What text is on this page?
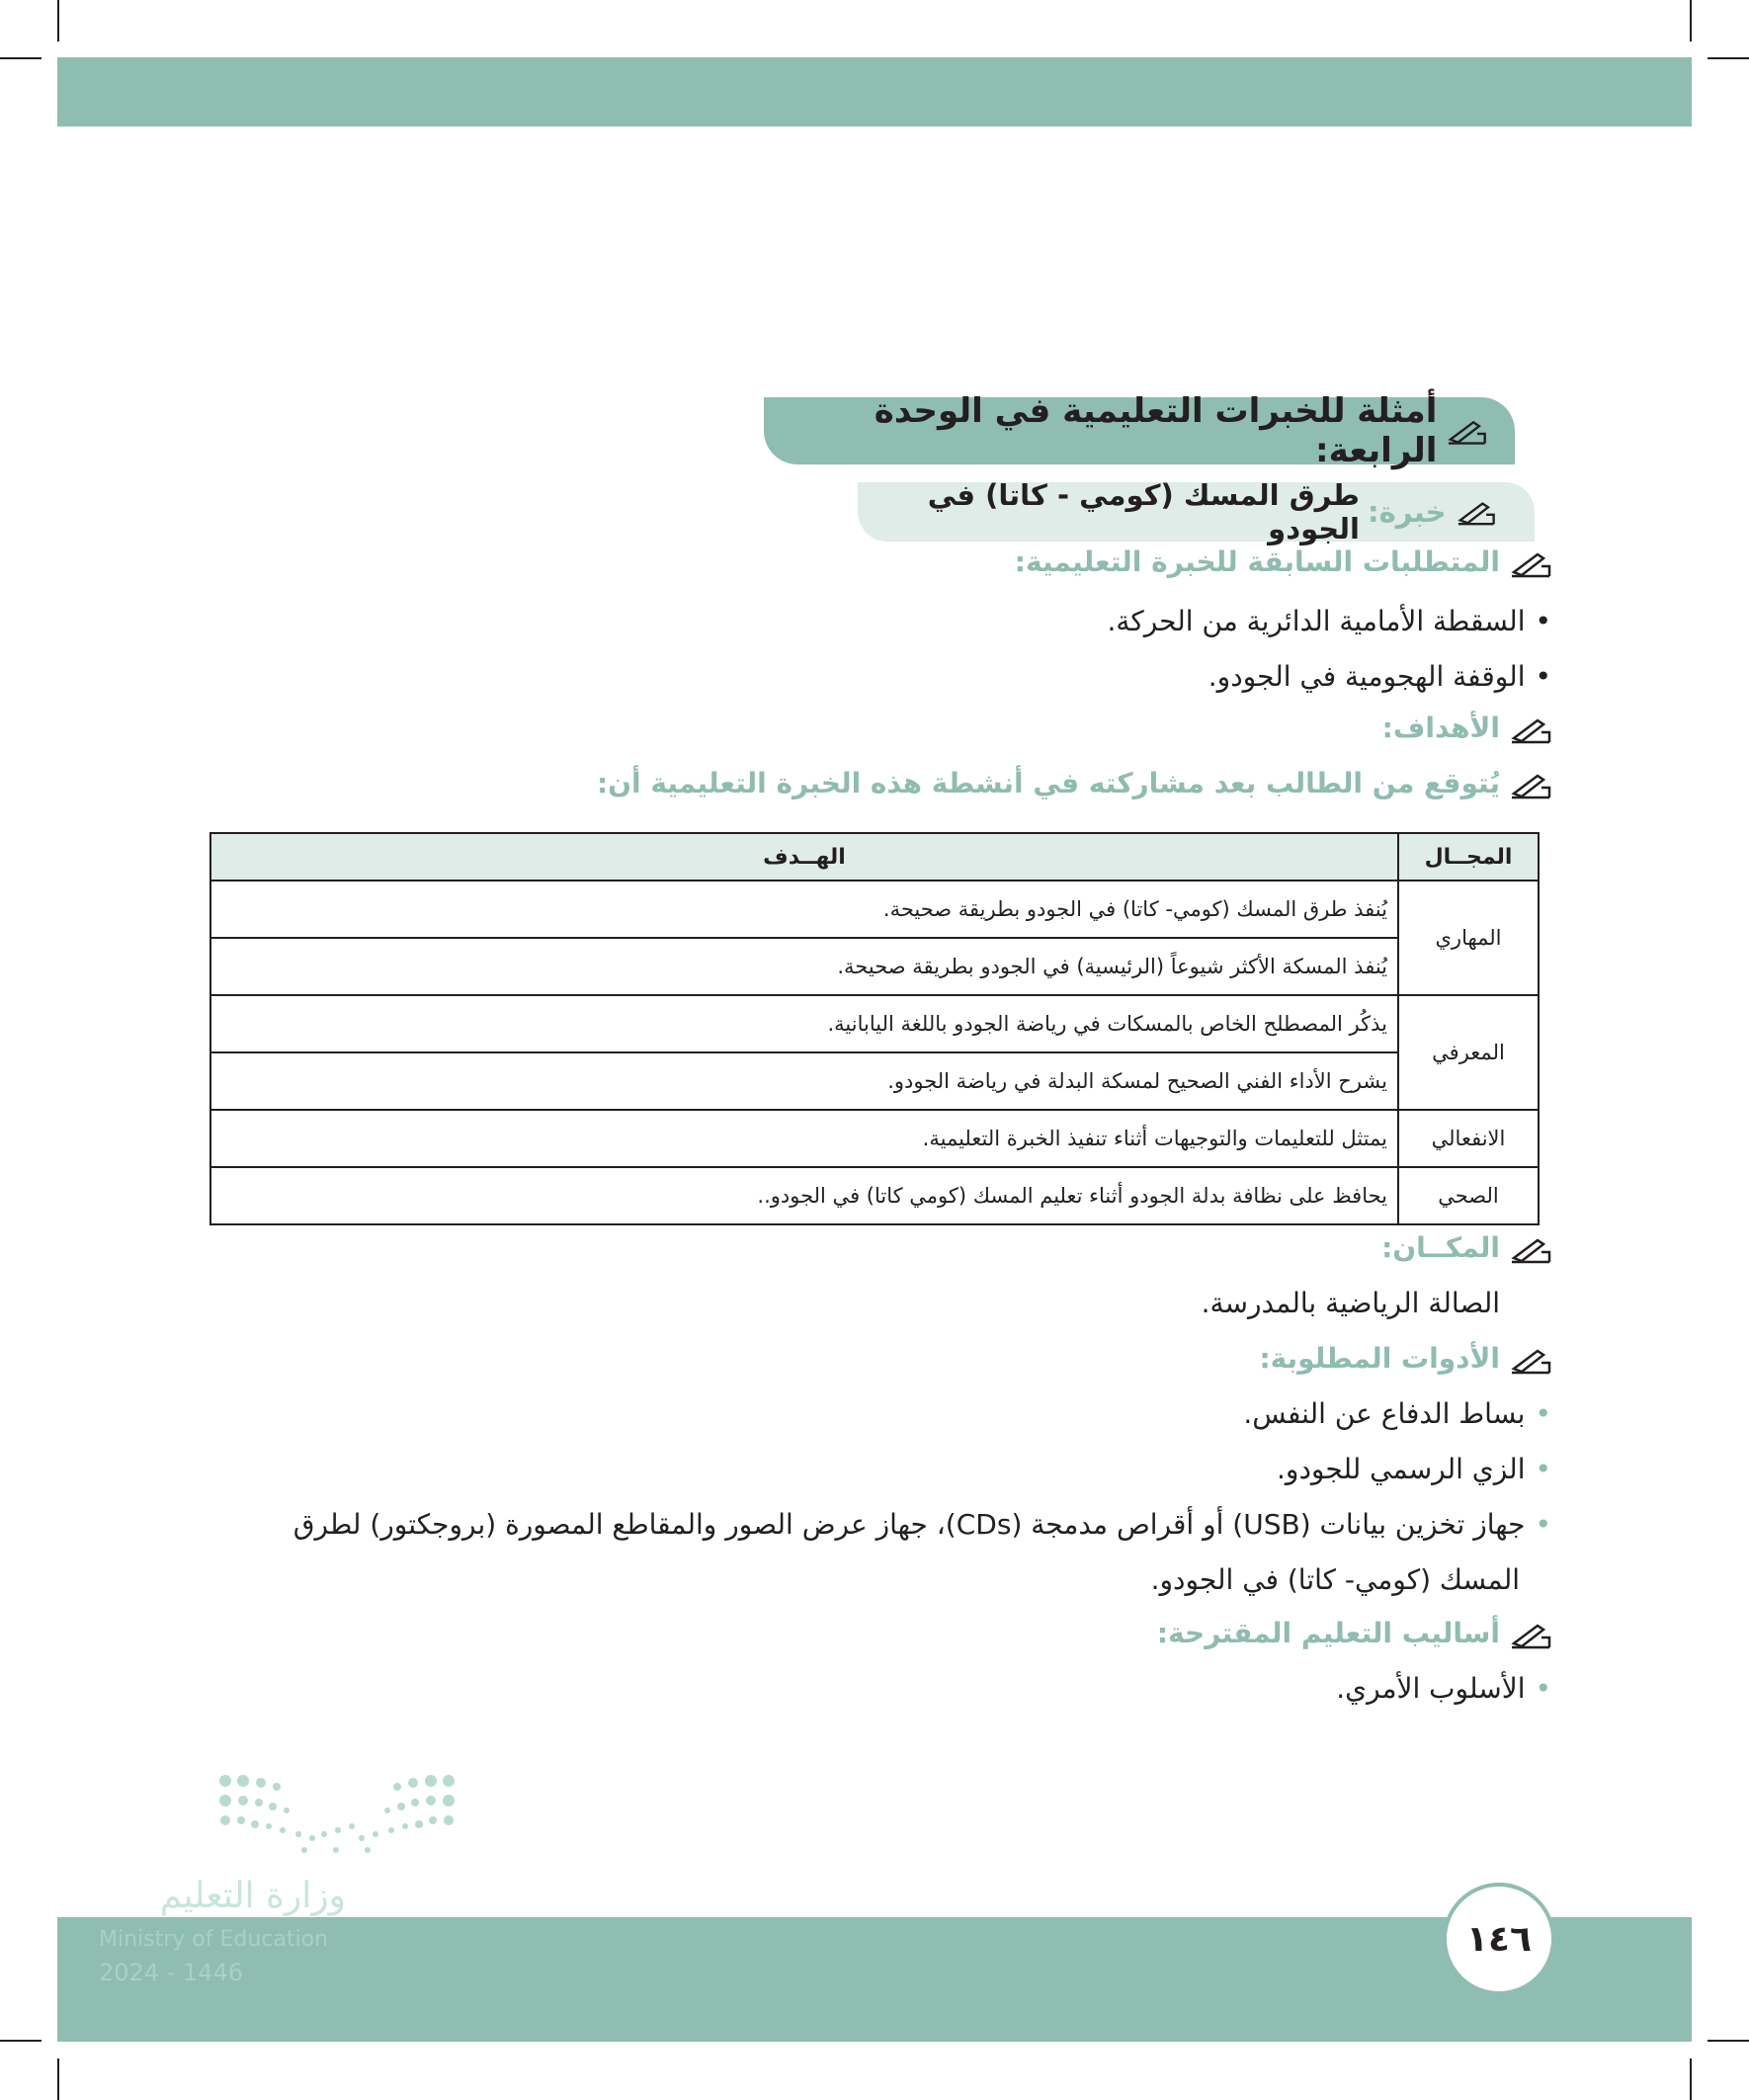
أمثلة للخبرات التعليمية في الوحدة الرابعة:
خبرة:
طرق المسك (كومي - كاتا) في الجودو
المتطلبات السابقة للخبرة التعليمية:
• السقطة الأمامية الدائرية من الحركة.
• الوقفة الهجومية في الجودو.
الأهداف:
يُتوقع من الطالب بعد مشاركته في أنشطة هذه الخبرة التعليمية أن:
المجــال	الهــدف
المهاري	يُنفذ طرق المسك (كومي- كاتا) في الجودو بطريقة صحيحة.
	يُنفذ المسكة الأكثر شيوعاً (الرئيسية) في الجودو بطريقة صحيحة.
المعرفي	يذكُر المصطلح الخاص بالمسكات في رياضة الجودو باللغة اليابانية.
	يشرح الأداء الفني الصحيح لمسكة البدلة في رياضة الجودو.
الانفعالي	يمتثل للتعليمات والتوجيهات أثناء تنفيذ الخبرة التعليمية.
الصحي	يحافظ على نظافة بدلة الجودو أثناء تعليم المسك (كومي كاتا) في الجودو..
المكــان:
الصالة الرياضية بالمدرسة.
الأدوات المطلوبة:
• بساط الدفاع عن النفس.
• الزي الرسمي للجودو.
• جهاز تخزين بيانات (USB) أو أقراص مدمجة (CDs)، جهاز عرض الصور والمقاطع المصورة (بروجكتور) لطرق
المسك (كومي- كاتا) في الجودو.
أساليب التعليم المقترحة:
• الأسلوب الأمري.
١٤٦
وزارة التعليم
Ministry of Education
2024 - 1446
